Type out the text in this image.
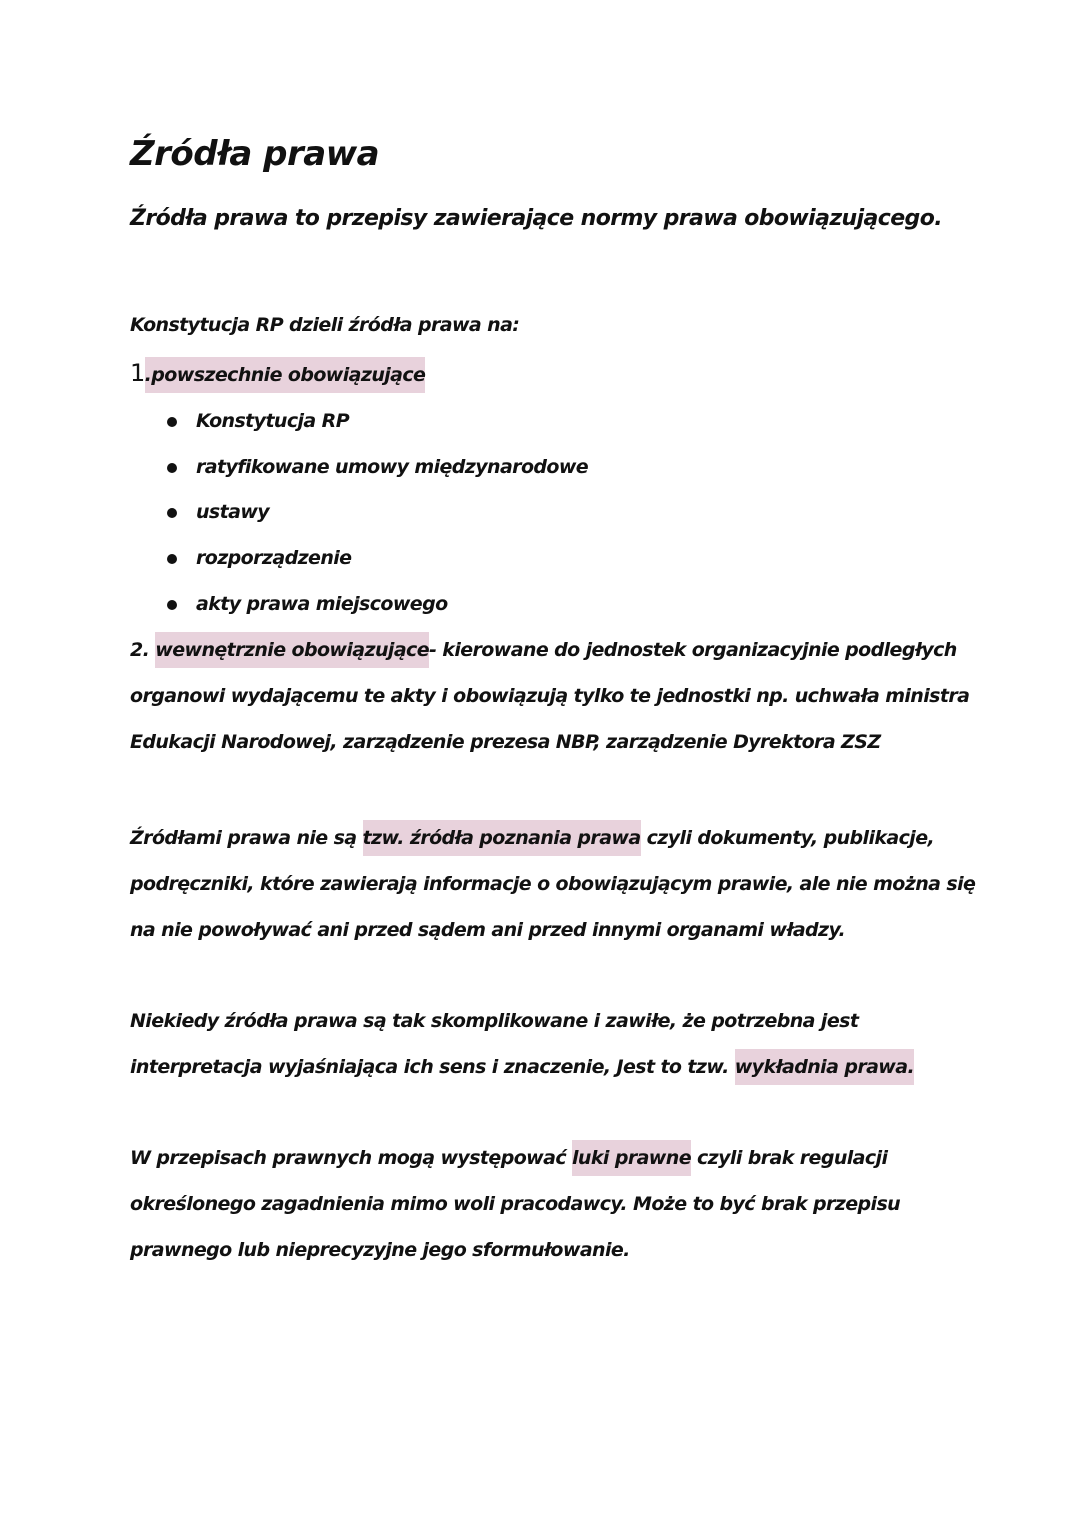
Źródła prawa
Źródła prawa to przepisy zawierające normy prawa obowiązującego.
Konstytucja RP dzieli źródła prawa na:
1.powszechnie obowiązujące
Konstytucja RP
ratyfikowane umowy międzynarodowe
ustawy
rozporządzenie
akty prawa miejscowego
2. wewnętrznie obowiązujące- kierowane do jednostek organizacyjnie podległych
organowi wydającemu te akty i obowiązują tylko te jednostki np. uchwała ministra
Edukacji Narodowej, zarządzenie prezesa NBP, zarządzenie Dyrektora ZSZ
Źródłami prawa nie są tzw. źródła poznania prawa czyli dokumenty, publikacje,
podręczniki, które zawierają informacje o obowiązującym prawie, ale nie można się
na nie powoływać ani przed sądem ani przed innymi organami władzy.
Niekiedy źródła prawa są tak skomplikowane i zawiłe, że potrzebna jest
interpretacja wyjaśniająca ich sens i znaczenie, Jest to tzw. wykładnia prawa.
W przepisach prawnych mogą występować luki prawne czyli brak regulacji
określonego zagadnienia mimo woli pracodawcy. Może to być brak przepisu
prawnego lub nieprecyzyjne jego sformułowanie.
